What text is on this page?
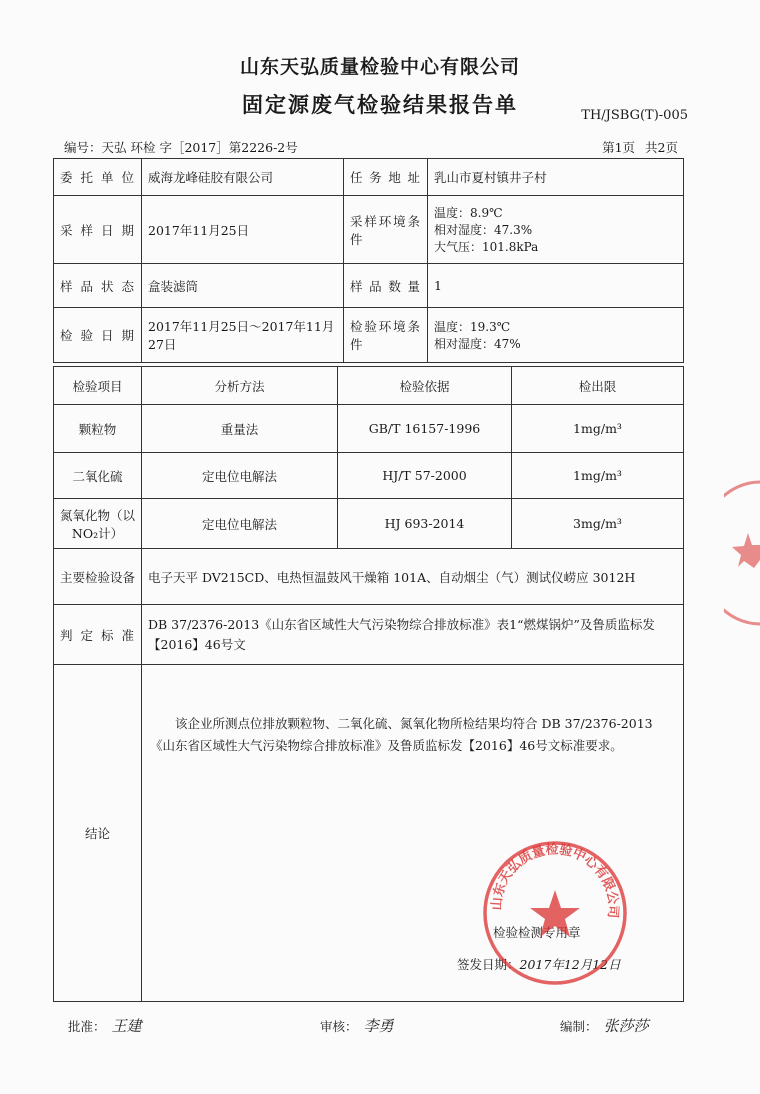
山东天弘质量检验中心有限公司
固定源废气检验结果报告单	TH/JSBG(T)-005
编号：天弘 环检 字［2017］第2226-2号	第1页 共2页
委托单位	威海龙峰硅胶有限公司	任务地址	乳山市夏村镇井子村
采样日期	2017年11月25日	采样环境条件	温度：8.9℃
相对湿度：47.3%
大气压：101.8kPa

样品状态	盒装滤筒	样品数量	1
检验日期	2017年11月25日～2017年11月27日	检验环境条件	温度：19.3℃
相对湿度：47%
检验项目	分析方法	检验依据	检出限
颗粒物	重量法	GB/T 16157-1996	1mg/m³
二氧化硫	定电位电解法	HJ/T 57-2000	1mg/m³
氮氧化物（以NO₂计）	定电位电解法	HJ 693-2014	3mg/m³
主要检验设备	电子天平 DV215CD、电热恒温鼓风干燥箱 101A、自动烟尘（气）测试仪崂应 3012H
判定标准	DB 37/2376-2013《山东省区域性大气污染物综合排放标准》表1“燃煤锅炉”及鲁质监标发【2016】46号文
结论	该企业所测点位排放颗粒物、二氧化硫、氮氧化物所检结果均符合 DB 37/2376-2013《山东省区域性大气污染物综合排放标准》及鲁质监标发【2016】46号文标准要求。
检验检测专用章
签发日期：2017年12月12日
山东天弘质量检验中心有限公司
批准： 王建	审核： 李勇	编制： 张莎莎
